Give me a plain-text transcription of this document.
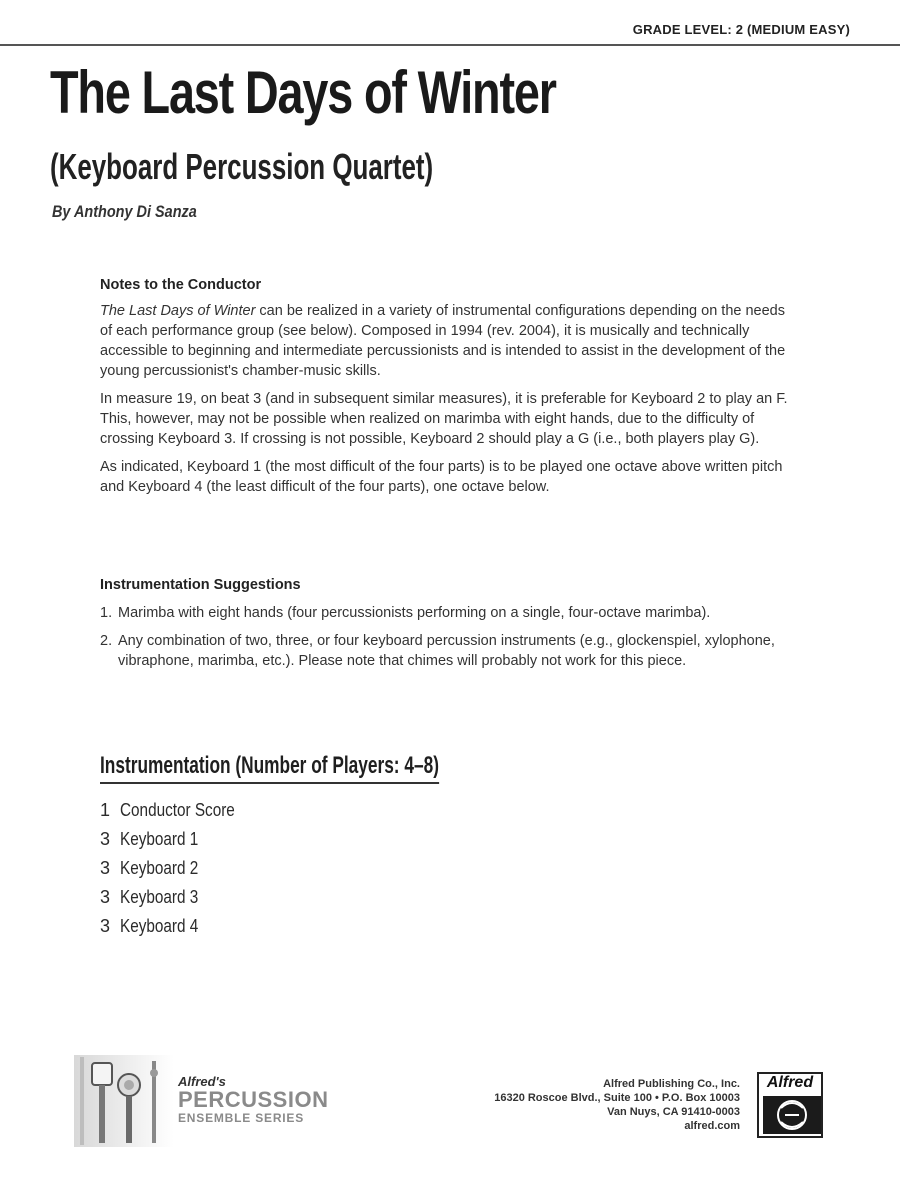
GRADE LEVEL: 2 (MEDIUM EASY)
The Last Days of Winter
(Keyboard Percussion Quartet)
By Anthony Di Sanza
Notes to the Conductor

The Last Days of Winter can be realized in a variety of instrumental configurations depending on the needs of each performance group (see below). Composed in 1994 (rev. 2004), it is musically and technically accessible to beginning and intermediate percussionists and is intended to assist in the development of the young percussionist's chamber-music skills.

In measure 19, on beat 3 (and in subsequent similar measures), it is preferable for Keyboard 2 to play an F. This, however, may not be possible when realized on marimba with eight hands, due to the difficulty of crossing Keyboard 3. If crossing is not possible, Keyboard 2 should play a G (i.e., both players play G).

As indicated, Keyboard 1 (the most difficult of the four parts) is to be played one octave above written pitch and Keyboard 4 (the least difficult of the four parts), one octave below.

Instrumentation Suggestions
1. Marimba with eight hands (four percussionists performing on a single, four-octave marimba).
2. Any combination of two, three, or four keyboard percussion instruments (e.g., glockenspiel, xylophone, vibraphone, marimba, etc.). Please note that chimes will probably not work for this piece.
Instrumentation (Number of Players: 4–8)
1 Conductor Score
3 Keyboard 1
3 Keyboard 2
3 Keyboard 3
3 Keyboard 4
Alfred's
PERCUSSION
ENSEMBLE SERIES
Alfred Publishing Co., Inc.
16320 Roscoe Blvd., Suite 100 • P.O. Box 10003
Van Nuys, CA 91410-0003
alfred.com
Alfred
